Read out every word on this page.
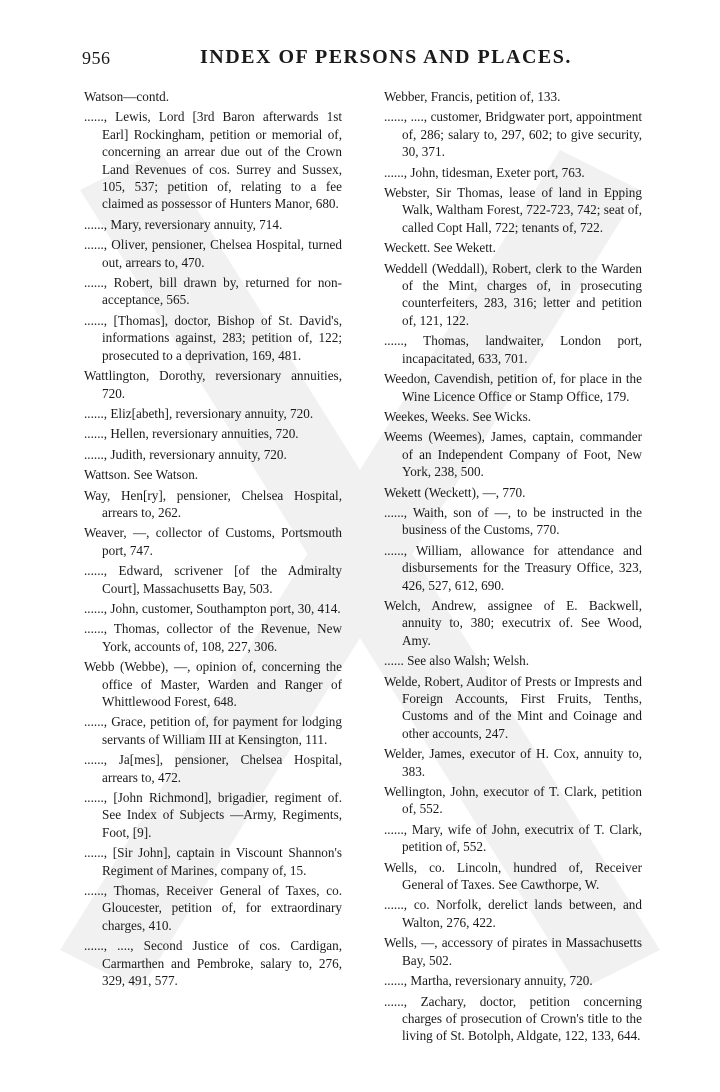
956	INDEX OF PERSONS AND PLACES.
Watson—contd.
......, Lewis, Lord [3rd Baron afterwards 1st Earl] Rockingham, petition or memorial of, concerning an arrear due out of the Crown Land Revenues of cos. Surrey and Sussex, 105, 537; petition of, relating to a fee claimed as possessor of Hunters Manor, 680.
......, Mary, reversionary annuity, 714.
......, Oliver, pensioner, Chelsea Hospital, turned out, arrears to, 470.
......, Robert, bill drawn by, returned for non-acceptance, 565.
......, [Thomas], doctor, Bishop of St. David's, informations against, 283; petition of, 122; prosecuted to a deprivation, 169, 481.
Wattlington, Dorothy, reversionary annuities, 720.
......, Eliz[abeth], reversionary annuity, 720.
......, Hellen, reversionary annuities, 720.
......, Judith, reversionary annuity, 720.
Wattson. See Watson.
Way, Hen[ry], pensioner, Chelsea Hospital, arrears to, 262.
Weaver, —, collector of Customs, Portsmouth port, 747.
......, Edward, scrivener [of the Admiralty Court], Massachusetts Bay, 503.
......, John, customer, Southampton port, 30, 414.
......, Thomas, collector of the Revenue, New York, accounts of, 108, 227, 306.
Webb (Webbe), —, opinion of, concerning the office of Master, Warden and Ranger of Whittlewood Forest, 648.
......, Grace, petition of, for payment for lodging servants of William III at Kensington, 111.
......, Ja[mes], pensioner, Chelsea Hospital, arrears to, 472.
......, [John Richmond], brigadier, regiment of. See Index of Subjects —Army, Regiments, Foot, [9].
......, [Sir John], captain in Viscount Shannon's Regiment of Marines, company of, 15.
......, Thomas, Receiver General of Taxes, co. Gloucester, petition of, for extraordinary charges, 410.
......, ...., Second Justice of cos. Cardigan, Carmarthen and Pembroke, salary to, 276, 329, 491, 577.
Webber, Francis, petition of, 133.
......, ...., customer, Bridgwater port, appointment of, 286; salary to, 297, 602; to give security, 30, 371.
......, John, tidesman, Exeter port, 763.
Webster, Sir Thomas, lease of land in Epping Walk, Waltham Forest, 722-723, 742; seat of, called Copt Hall, 722; tenants of, 722.
Weckett. See Wekett.
Weddell (Weddall), Robert, clerk to the Warden of the Mint, charges of, in prosecuting counterfeiters, 283, 316; letter and petition of, 121, 122.
......, Thomas, landwaiter, London port, incapacitated, 633, 701.
Weedon, Cavendish, petition of, for place in the Wine Licence Office or Stamp Office, 179.
Weekes, Weeks. See Wicks.
Weems (Weemes), James, captain, commander of an Independent Company of Foot, New York, 238, 500.
Wekett (Weckett), —, 770.
......, Waith, son of —, to be instructed in the business of the Customs, 770.
......, William, allowance for attendance and disbursements for the Treasury Office, 323, 426, 527, 612, 690.
Welch, Andrew, assignee of E. Backwell, annuity to, 380; executrix of. See Wood, Amy.
...... See also Walsh; Welsh.
Welde, Robert, Auditor of Prests or Imprests and Foreign Accounts, First Fruits, Tenths, Customs and of the Mint and Coinage and other accounts, 247.
Welder, James, executor of H. Cox, annuity to, 383.
Wellington, John, executor of T. Clark, petition of, 552.
......, Mary, wife of John, executrix of T. Clark, petition of, 552.
Wells, co. Lincoln, hundred of, Receiver General of Taxes. See Cawthorpe, W.
......, co. Norfolk, derelict lands between, and Walton, 276, 422.
Wells, —, accessory of pirates in Massachusetts Bay, 502.
......, Martha, reversionary annuity, 720.
......, Zachary, doctor, petition concerning charges of prosecution of Crown's title to the living of St. Botolph, Aldgate, 122, 133, 644.
